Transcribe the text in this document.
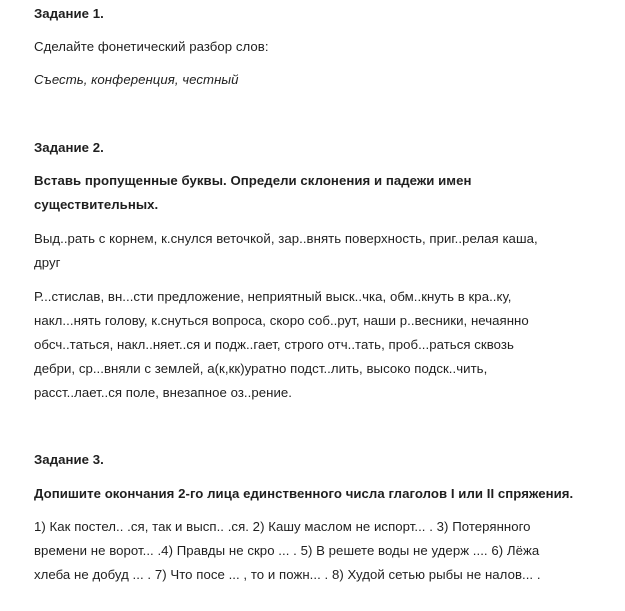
Задание 1.
Сделайте фонетический разбор слов:
Съесть, конференция, честный
Задание 2.
Вставь пропущенные буквы. Определи склонения и падежи имен
существительных.
Выд..рать с корнем, к.снулся веточкой, зар..внять поверхность, приг..релая каша,
друг
Р...стислав, вн...сти предложение, неприятный выск..чка, обм..кнуть в кра..ку,
накл...нять голову, к.снуться вопроса, скоро соб..рут, наши р..весники, нечаянно
обсч..таться, накл..няет..ся и подж..гает, строго отч..тать, проб...раться сквозь
дебри, ср...вняли с землей, а(к,кк)уратно подст..лить, высоко подск..чить,
расст..лает..ся поле, внезапное оз..рение.
Задание 3.
Допишите окончания 2-го лица единственного числа глаголов I или II спряжения.
1) Как постел.. .ся, так и высп.. .ся. 2) Кашу маслом не испорт... . 3) Потерянного
времени не ворот... .4) Правды не скро ... . 5) В решете воды не удерж .... 6) Лёжа
хлеба не добуд ... . 7) Что посе ... , то и пожн... . 8) Худой сетью рыбы не налов... .
